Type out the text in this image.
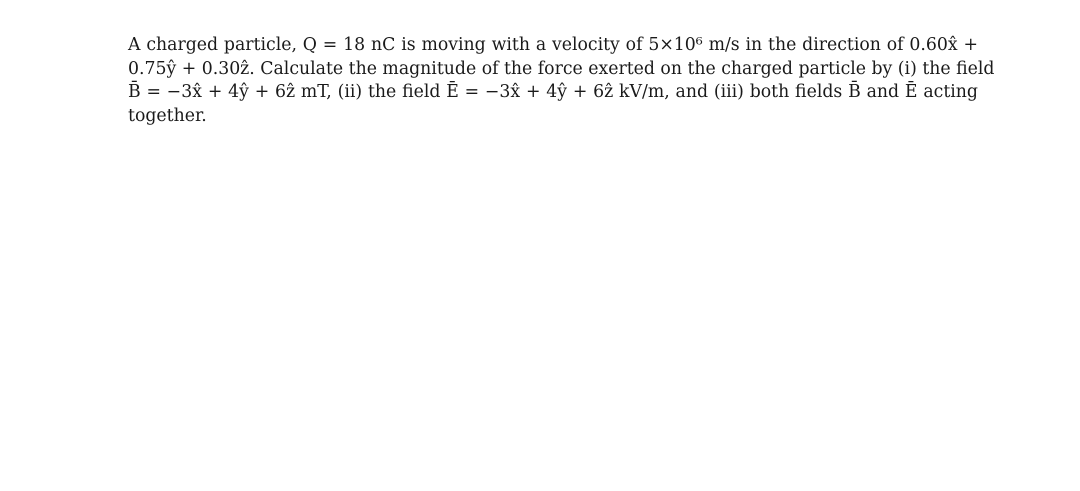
A charged particle, Q = 18 nC is moving with a velocity of 5×10⁶ m/s in the direction of 0.60x̂ +
0.75ŷ + 0.30ẑ. Calculate the magnitude of the force exerted on the charged particle by (i) the field
B̄ = −3x̂ + 4ŷ + 6ẑ mT, (ii) the field Ē = −3x̂ + 4ŷ + 6ẑ kV/m, and (iii) both fields B̄ and Ē acting
together.
